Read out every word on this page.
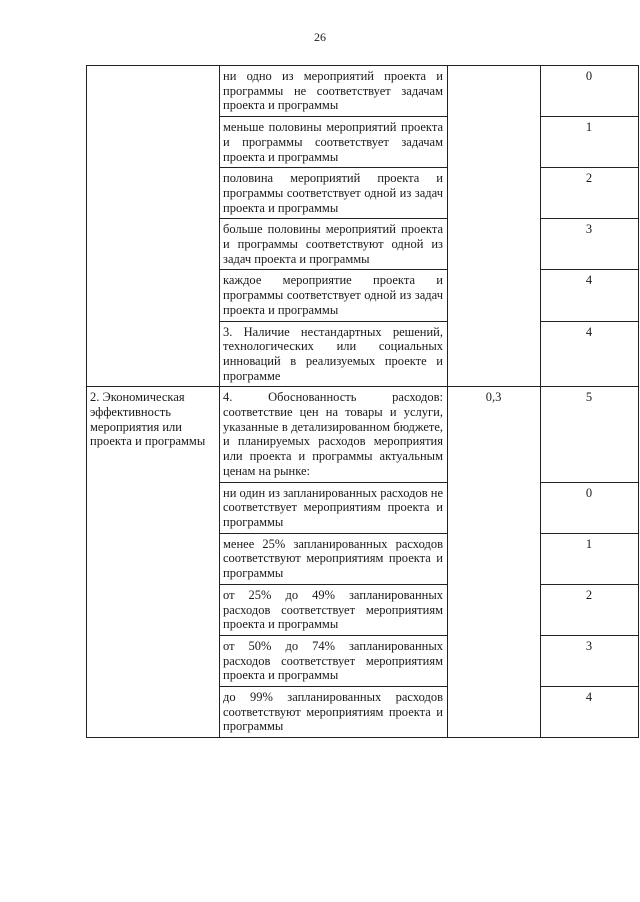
26
	ни одно из мероприятий проекта и программы не соответствует задачам проекта и программы		0
	меньше половины мероприятий проекта и программы соответствует задачам проекта и программы		1
	половина мероприятий проекта и программы соответствует одной из задач проекта и программы		2
	больше половины мероприятий проекта и программы соответствуют одной из задач проекта и программы		3
	каждое мероприятие проекта и программы соответствует одной из задач проекта и программы		4
	3. Наличие нестандартных решений, технологических или социальных инноваций в реализуемых проекте и программе		4
2. Экономическая эффективность мероприятия или проекта и программы	4. Обоснованность расходов: соответствие цен на товары и услуги, указанные в детализированном бюджете, и планируемых расходов мероприятия или проекта и программы актуальным ценам на рынке:	0,3	5
	ни один из запланированных расходов не соответствует мероприятиям проекта и программы		0
	менее 25% запланированных расходов соответствуют мероприятиям проекта и программы		1
	от 25% до 49% запланированных расходов соответствует мероприятиям проекта и программы		2
	от 50% до 74% запланированных расходов соответствует мероприятиям проекта и программы		3
	до 99% запланированных расходов соответствуют мероприятиям проекта и программы		4
